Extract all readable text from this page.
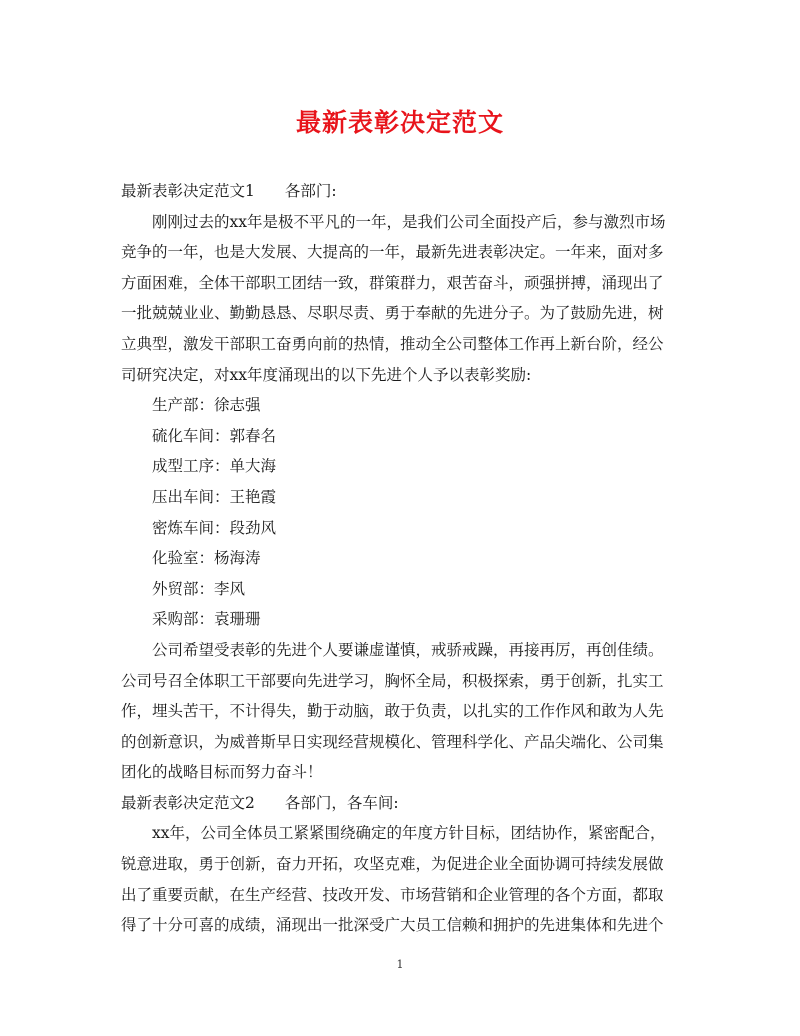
最新表彰决定范文
最新表彰决定范文1 各部门:
刚刚过去的xx年是极不平凡的一年，是我们公司全面投产后，参与激烈市场
竞争的一年，也是大发展、大提高的一年，最新先进表彰决定。一年来，面对多
方面困难，全体干部职工团结一致，群策群力，艰苦奋斗，顽强拼搏，涌现出了
一批兢兢业业、勤勤恳恳、尽职尽责、勇于奉献的先进分子。为了鼓励先进，树
立典型，激发干部职工奋勇向前的热情，推动全公司整体工作再上新台阶，经公
司研究决定，对xx年度涌现出的以下先进个人予以表彰奖励:
生产部：徐志强
硫化车间：郭春名
成型工序：单大海
压出车间：王艳霞
密炼车间：段劲风
化验室：杨海涛
外贸部：李风
采购部：袁珊珊
公司希望受表彰的先进个人要谦虚谨慎，戒骄戒躁，再接再厉，再创佳绩。
公司号召全体职工干部要向先进学习，胸怀全局，积极探索，勇于创新，扎实工
作，埋头苦干，不计得失，勤于动脑，敢于负责，以扎实的工作作风和敢为人先
的创新意识，为威普斯早日实现经营规模化、管理科学化、产品尖端化、公司集
团化的战略目标而努力奋斗！
最新表彰决定范文2 各部门，各车间:
xx年，公司全体员工紧紧围绕确定的年度方针目标，团结协作，紧密配合，
锐意进取，勇于创新，奋力开拓，攻坚克难，为促进企业全面协调可持续发展做
出了重要贡献，在生产经营、技改开发、市场营销和企业管理的各个方面，都取
得了十分可喜的成绩，涌现出一批深受广大员工信赖和拥护的先进集体和先进个
1
